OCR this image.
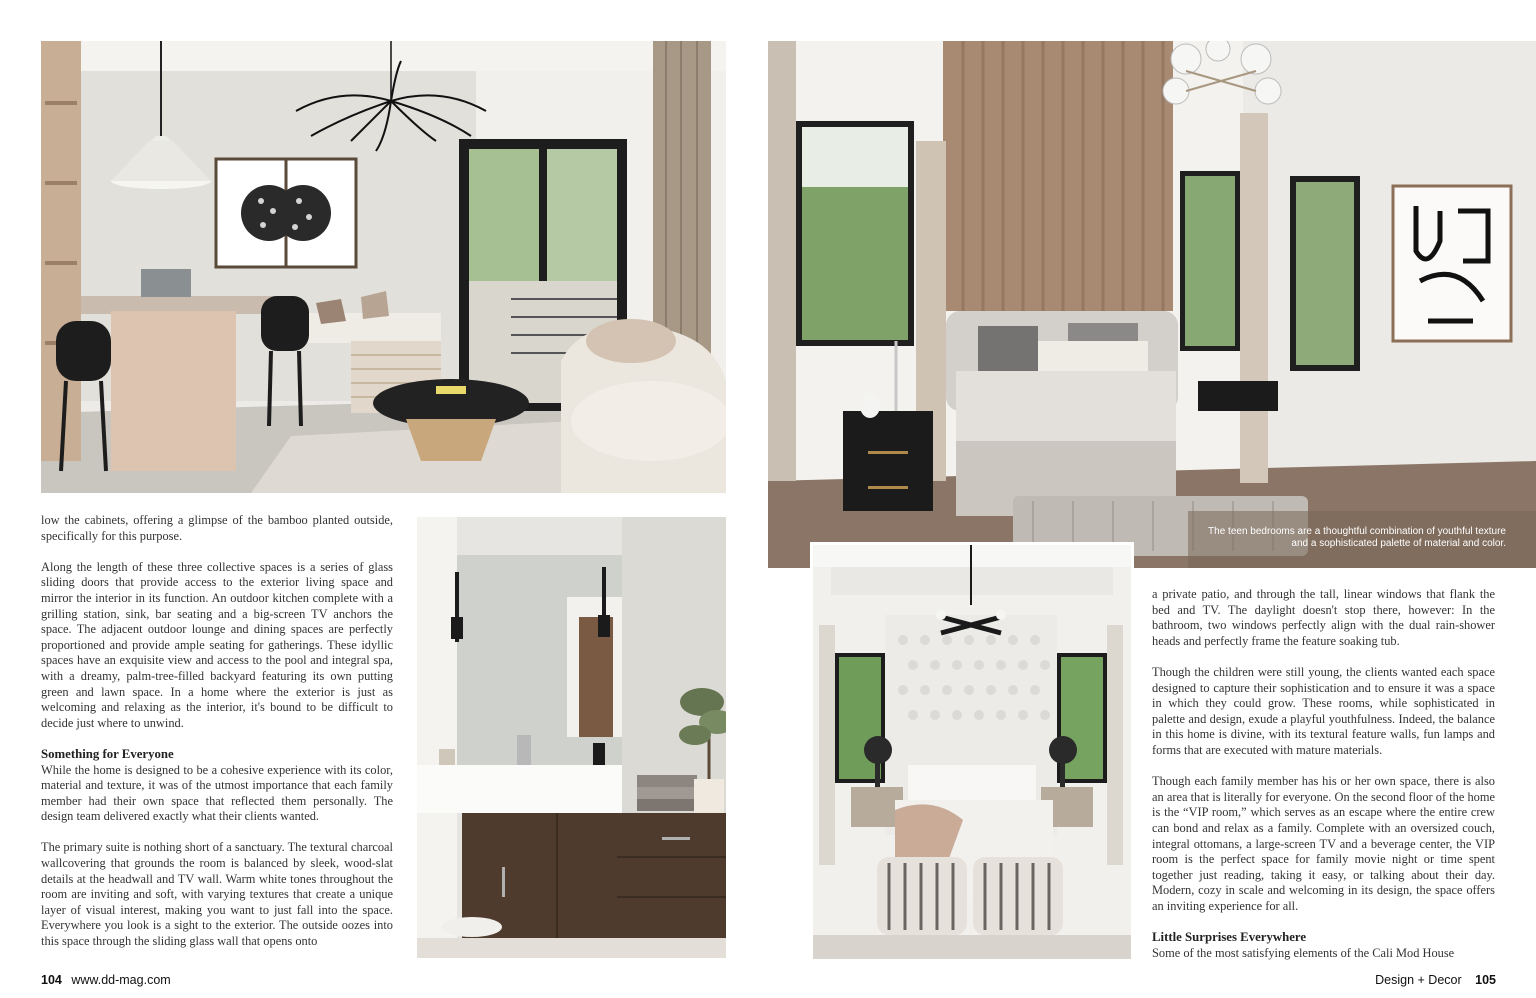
The teen bedrooms are a thoughtful combination of youthful texture and a sophisticated palette of material and color.

low the cabinets, offering a glimpse of the bamboo planted outside, specifically for this purpose.

Along the length of these three collective spaces is a series of glass sliding doors that provide access to the exterior living space and mirror the interior in its function. An outdoor kitchen complete with a grilling station, sink, bar seating and a big-screen TV anchors the space. The adjacent outdoor lounge and dining spaces are perfectly proportioned and provide ample seating for gatherings. These idyllic spaces have an exquisite view and access to the pool and integral spa, with a dreamy, palm-tree-filled backyard featuring its own putting green and lawn space. In a home where the exterior is just as welcoming and relaxing as the interior, it's bound to be difficult to decide just where to unwind.

Something for Everyone

While the home is designed to be a cohesive experience with its color, material and texture, it was of the utmost importance that each family member had their own space that reflected them personally. The design team delivered exactly what their clients wanted.

The primary suite is nothing short of a sanctuary. The textural charcoal wallcovering that grounds the room is balanced by sleek, wood-slat details at the headwall and TV wall. Warm white tones throughout the room are inviting and soft, with varying textures that create a unique layer of visual interest, making you want to just fall into the space. Everywhere you look is a sight to the exterior. The outside oozes into this space through the sliding glass wall that opens onto

a private patio, and through the tall, linear windows that flank the bed and TV. The daylight doesn't stop there, however: In the bathroom, two windows perfectly align with the dual rain-shower heads and perfectly frame the feature soaking tub.

Though the children were still young, the clients wanted each space designed to capture their sophistication and to ensure it was a space in which they could grow. These rooms, while sophisticated in palette and design, exude a playful youthfulness. Indeed, the balance in this home is divine, with its textural feature walls, fun lamps and forms that are executed with mature materials.

Though each family member has his or her own space, there is also an area that is literally for everyone. On the second floor of the home is the “VIP room,” which serves as an escape where the entire crew can bond and relax as a family. Complete with an oversized couch, integral ottomans, a large-screen TV and a beverage center, the VIP room is the perfect space for family movie night or time spent together just reading, taking it easy, or talking about their day. Modern, cozy in scale and welcoming in its design, the space offers an inviting experience for all.

Little Surprises Everywhere

Some of the most satisfying elements of the Cali Mod House

104 www.dd-mag.com	Design + Decor 105
